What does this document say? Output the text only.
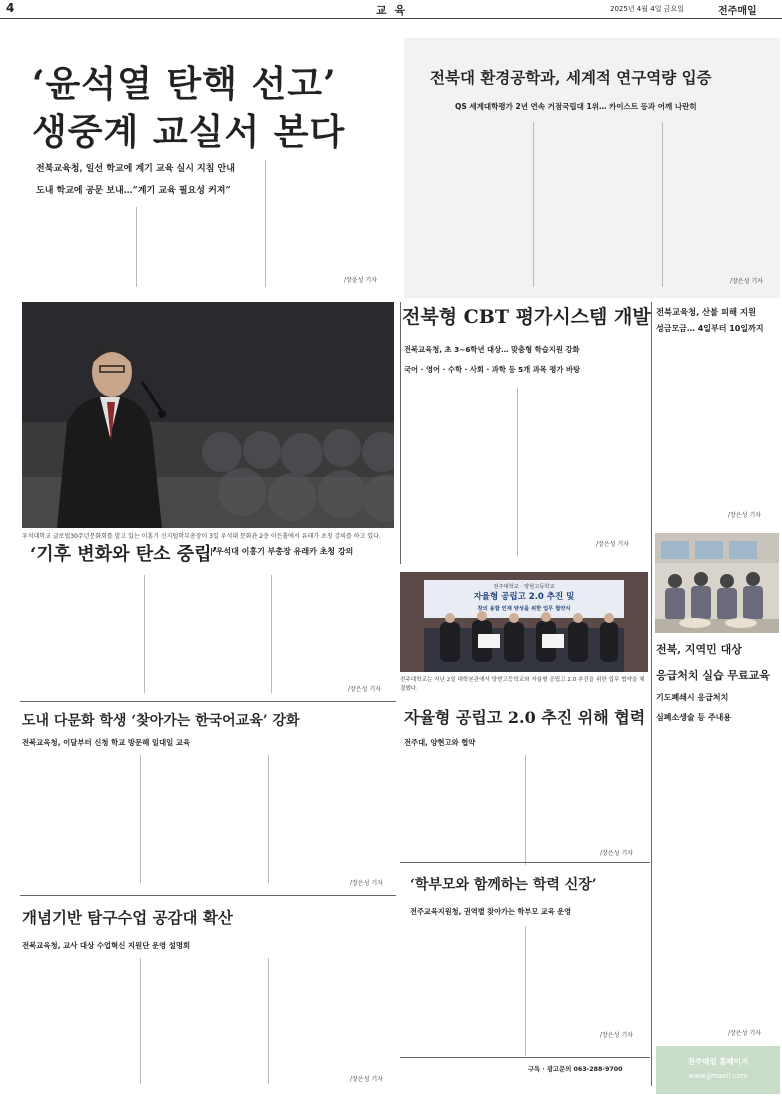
4	교 육	2025년 4월 4일 금요일	전주매일
‘윤석열 탄핵 선고’
생중계 교실서 본다
전북교육청, 일선 학교에 계기 교육 실시 지침 안내
도내 학교에 공문 보내…“계기 교육 필요성 커져”

/장윤성 기자
전북대 환경공학과, 세계적 연구역량 입증
QS 세계대학평가 2년 연속 거점국립대 1위… 카이스트 등과 어깨 나란히
/장은성 기자
우석대학교 글로벌30주년문화회를 맡고 있는 이홍기 신지털학부총장이 3일 우석대 문화관 2층 이든홀에서 유래가 초청 강의를 하고 있다.
‘기후 변화와 탄소 중립’
| 우석대 이홍기 부총장 유래카 초청 강의
/장은성 기자
전북형 CBT 평가시스템 개발
전북교육청, 초 3~6학년 대상… 맞춤형 학습지원 강화
국어 · 영어 · 수학 · 사회 · 과학 등 5개 과목 평가 바탕
/장은성 기자
전북교육청, 산불 피해 지원
성금모금… 4일부터 10일까지
/장은성 기자
전주대학교 · 양현고등학교
자율형 공립고 2.0 추진 및
창의 융합 인재 양성을 위한 업무 협약식
전주대학교는 지난 2일 대학본관에서 양현고등학교와 자율형 공립고 2.0 추진을 위한 업무 협약을 체결했다.
자율형 공립고 2.0 추진 위해 협력
전주대, 양현고와 협약
/장은성 기자
전북, 지역민 대상
응급처치 실습 무료교육
기도폐쇄시 응급처치
심폐소생술 등 주내용
/장은성 기자
도내 다문화 학생 ‘찾아가는 한국어교육’ 강화
전북교육청, 이달부터 신청 학교 방문해 일대일 교육
/장은성 기자 ‘학부모와 함께하는 학력 신장’
전주교육지원청, 권역별 찾아가는 학부모 교육 운영
/장은성 기자
개념기반 탐구수업 공감대 확산
전북교육청, 교사 대상 수업혁신 지원단 운영 설명회
/장은성 기자
구독 · 광고문의 063-288-9700
전주매일 홈페이지
www.jjmaeil.com
